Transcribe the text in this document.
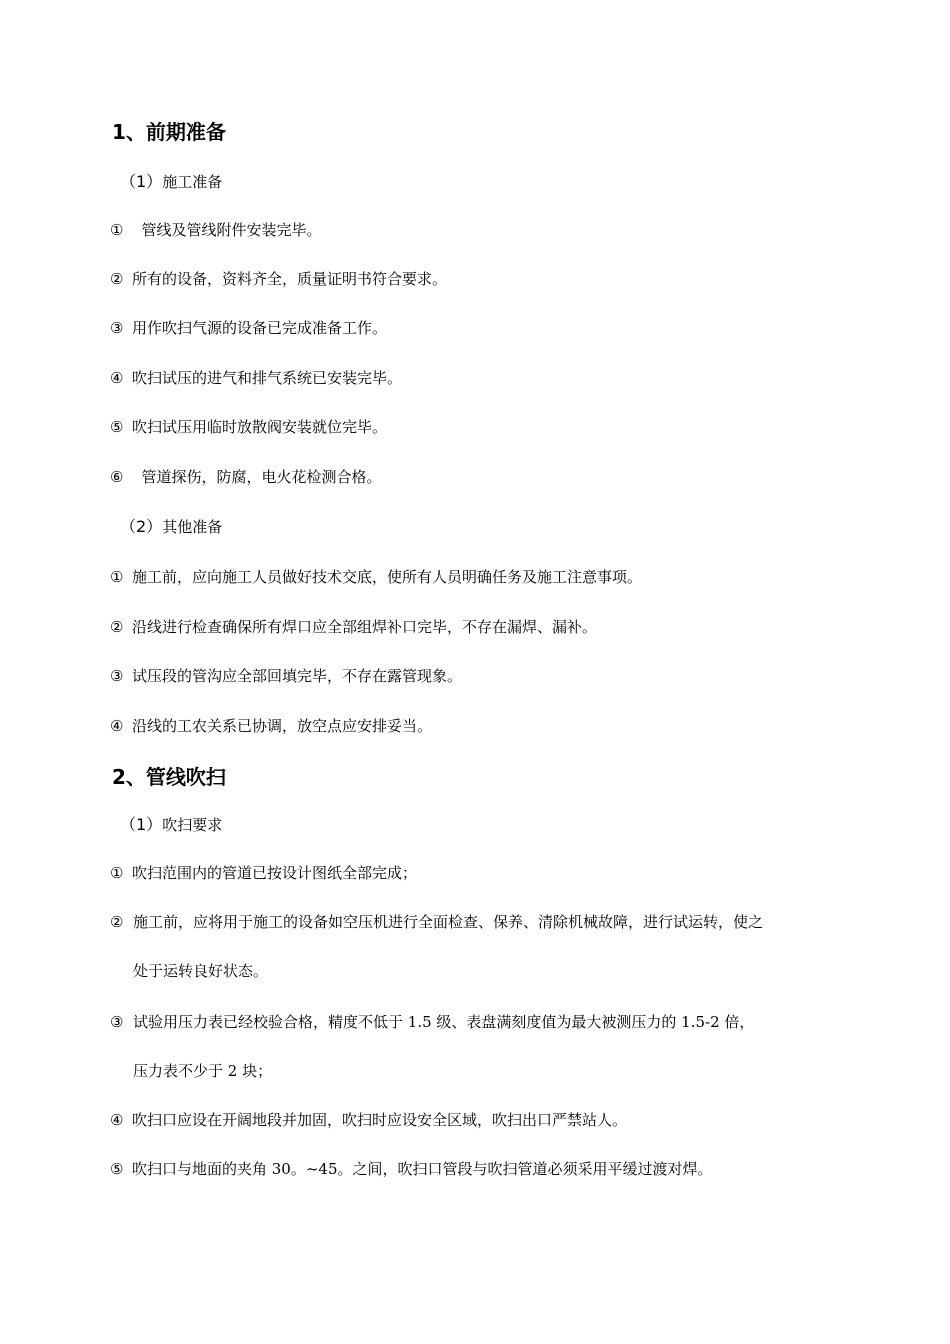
1、前期准备
（1）施工准备
①  管线及管线附件安装完毕。
② 所有的设备，资料齐全，质量证明书符合要求。
③ 用作吹扫气源的设备已完成准备工作。
④ 吹扫试压的进气和排气系统已安装完毕。
⑤ 吹扫试压用临时放散阀安装就位完毕。
⑥  管道探伤，防腐，电火花检测合格。
（2）其他准备
① 施工前，应向施工人员做好技术交底，使所有人员明确任务及施工注意事项。
② 沿线进行检查确保所有焊口应全部组焊补口完毕，不存在漏焊、漏补。
③ 试压段的管沟应全部回填完毕，不存在露管现象。
④ 沿线的工农关系已协调，放空点应安排妥当。
2、管线吹扫
（1）吹扫要求
① 吹扫范围内的管道已按设计图纸全部完成；
② 施工前，应将用于施工的设备如空压机进行全面检查、保养、清除机械故障，进行试运转，使之
处于运转良好状态。
③ 试验用压力表已经校验合格，精度不低于 1.5 级、表盘满刻度值为最大被测压力的 1.5-2 倍，
压力表不少于 2 块；
④ 吹扫口应设在开阔地段并加固，吹扫时应设安全区域，吹扫出口严禁站人。
⑤ 吹扫口与地面的夹角 30。~45。之间，吹扫口管段与吹扫管道必须采用平缓过渡对焊。
